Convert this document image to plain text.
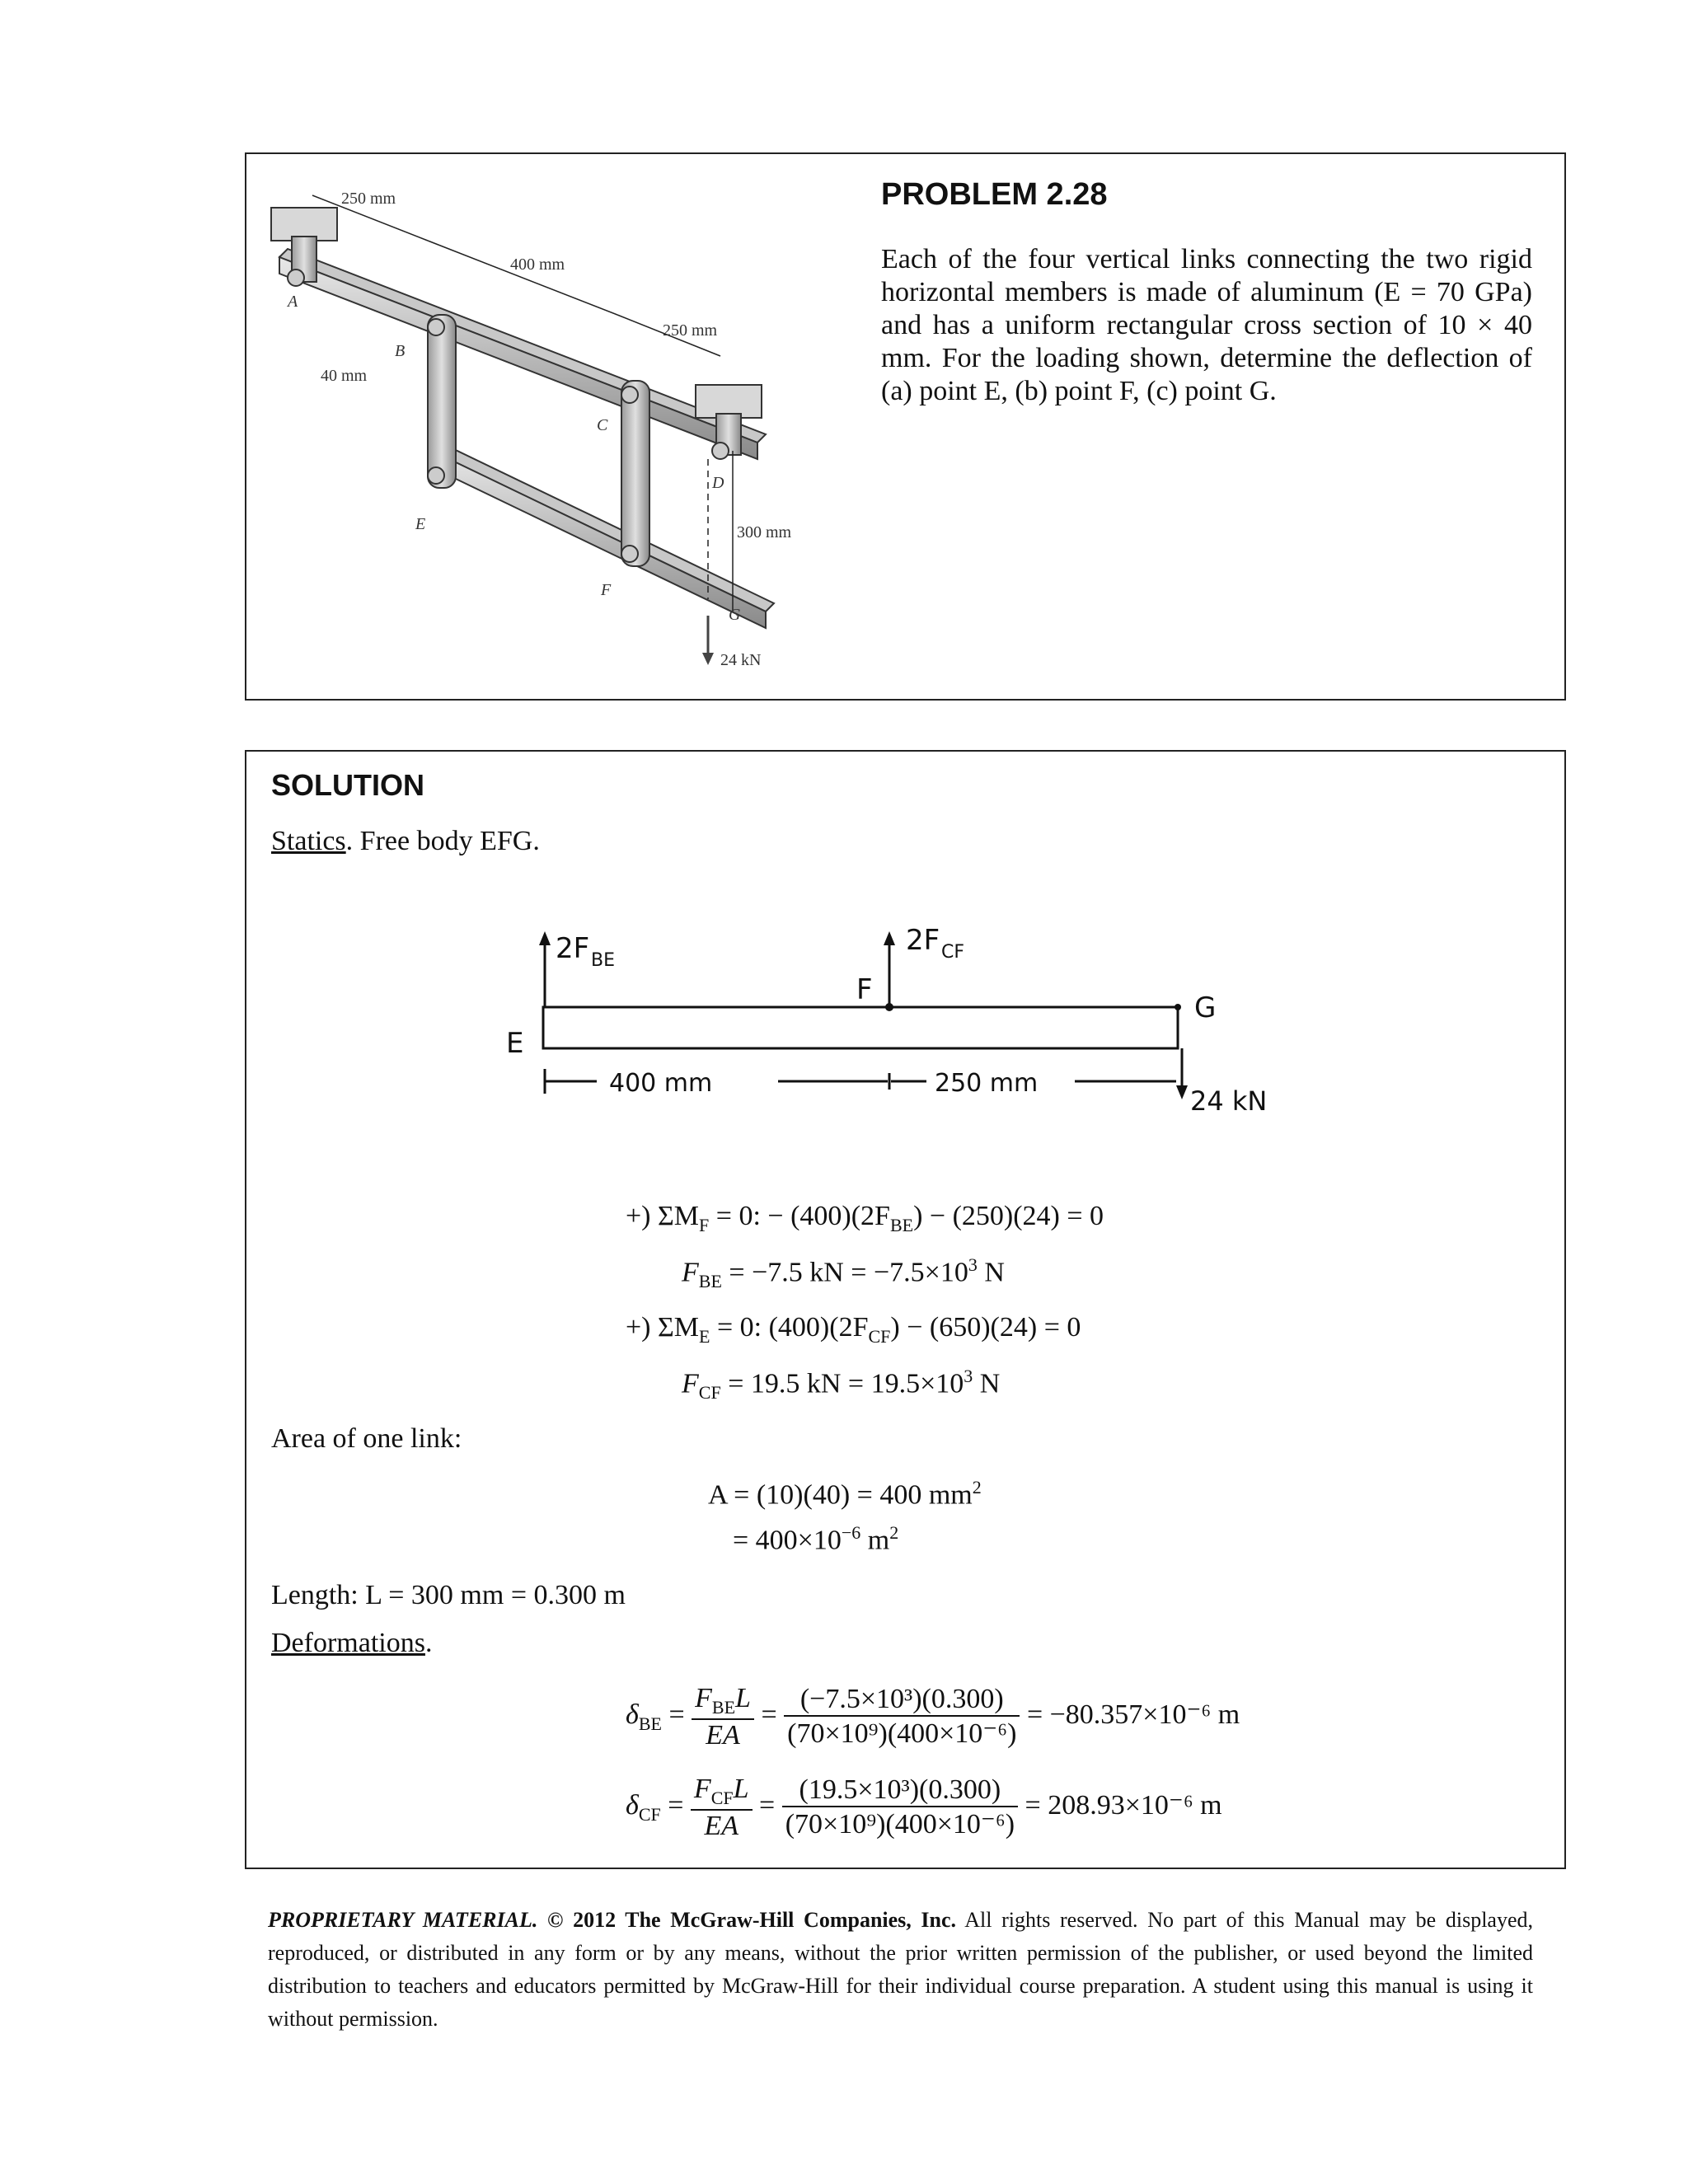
250 mm
400 mm
250 mm
40 mm
300 mm
24 kN
A
B
C
D
E
F
G
PROBLEM 2.28
Each of the four vertical links connecting the two rigid horizontal members is made of aluminum (E = 70 GPa) and has a uniform rectangular cross section of 10 × 40 mm. For the loading shown, determine the deflection of (a) point E, (b) point F, (c) point G.
SOLUTION
Statics. Free body EFG.
2F BE
2F CF
E
F
G
400 mm	250 mm
24 kN
+) $\Sigma M_F = 0$: − $(400)(2F_{BE}) - (250)(24) = 0$
$F_{BE} = -7.5$ kN = $-7.5\times 10^3$ N
+) $\Sigma M_E = 0$: $(400)(2F_{CF}) - (650)(24) = 0$
$F_{CF} = 19.5$ kN = $19.5\times 10^3$ N
Area of one link:
A = (10)(40) = 400 $mm^2$
= $400\times 10^{-6}$ $m^2$
Length: L = 300 mm = 0.300 m
Deformations.
$\delta_{BE} = \frac{F_{BE}L}{EA} = \frac{\text{(−7.5×10³)(0.300)}}{\text{(70×10⁹)(400×10⁻⁶)}} = -80.357\times 10^{-6}$ m
$\delta_{CF} = \frac{F_{CF}L}{EA} = \frac{\text{(19.5×10³)(0.300)}}{\text{(70×10⁹)(400×10⁻⁶)}} = 208.93\times 10^{-6}$ m
PROPRIETARY MATERIAL. © 2012 The McGraw-Hill Companies, Inc. All rights reserved. No part of this Manual may be displayed, reproduced, or distributed in any form or by any means, without the prior written permission of the publisher, or used beyond the limited distribution to teachers and educators permitted by McGraw-Hill for their individual course preparation. A student using this manual is using it without permission.
